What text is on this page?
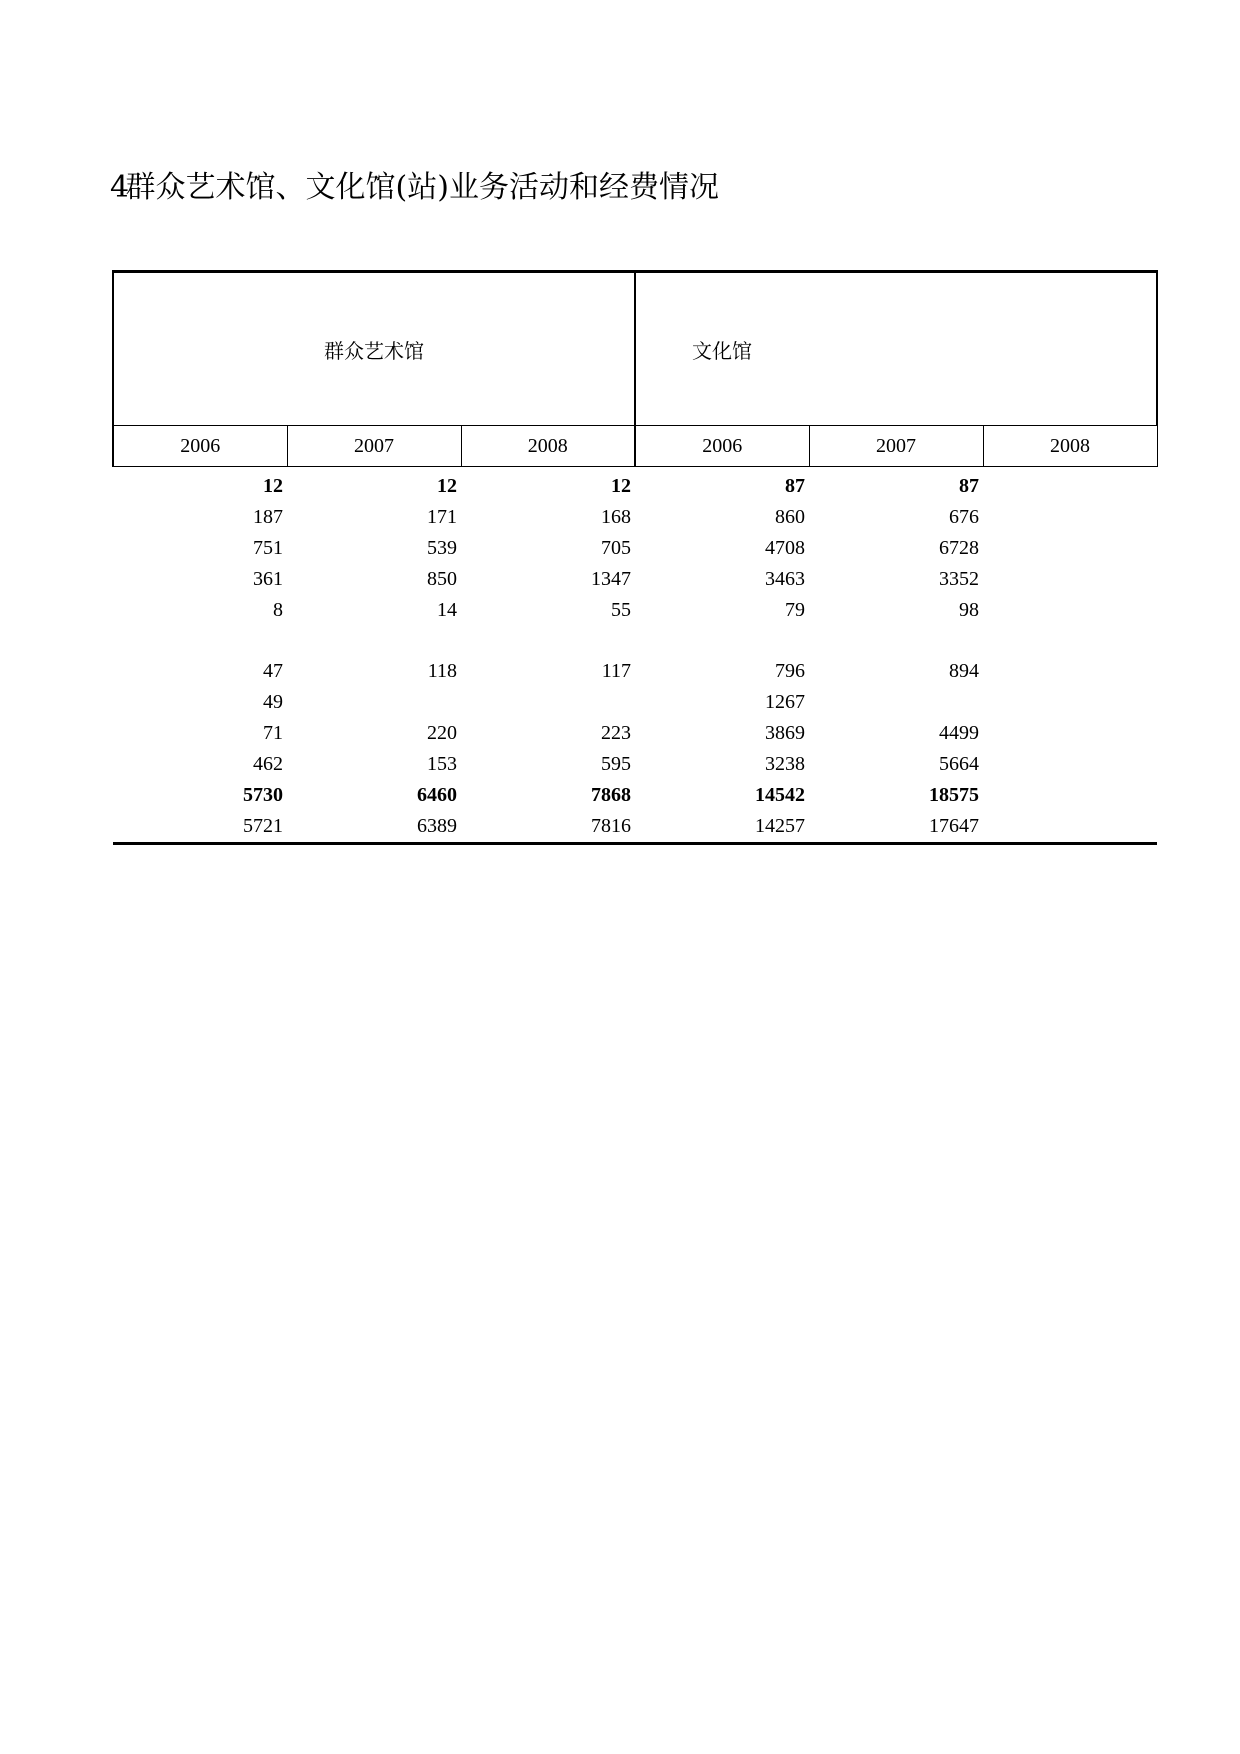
4 群众艺术馆、文化馆(站)业务活动和经费情况
群众艺术馆			文化馆		
2006	2007	2008	2006	2007	2008
12	12	12	87	87	
187	171	168	860	676	
751	539	705	4708	6728	
361	850	1347	3463	3352	
8	14	55	79	98	

47	118	117	796	894	
49			1267		
71	220	223	3869	4499	
462	153	595	3238	5664	
5730	6460	7868	14542	18575	
5721	6389	7816	14257	17647	
